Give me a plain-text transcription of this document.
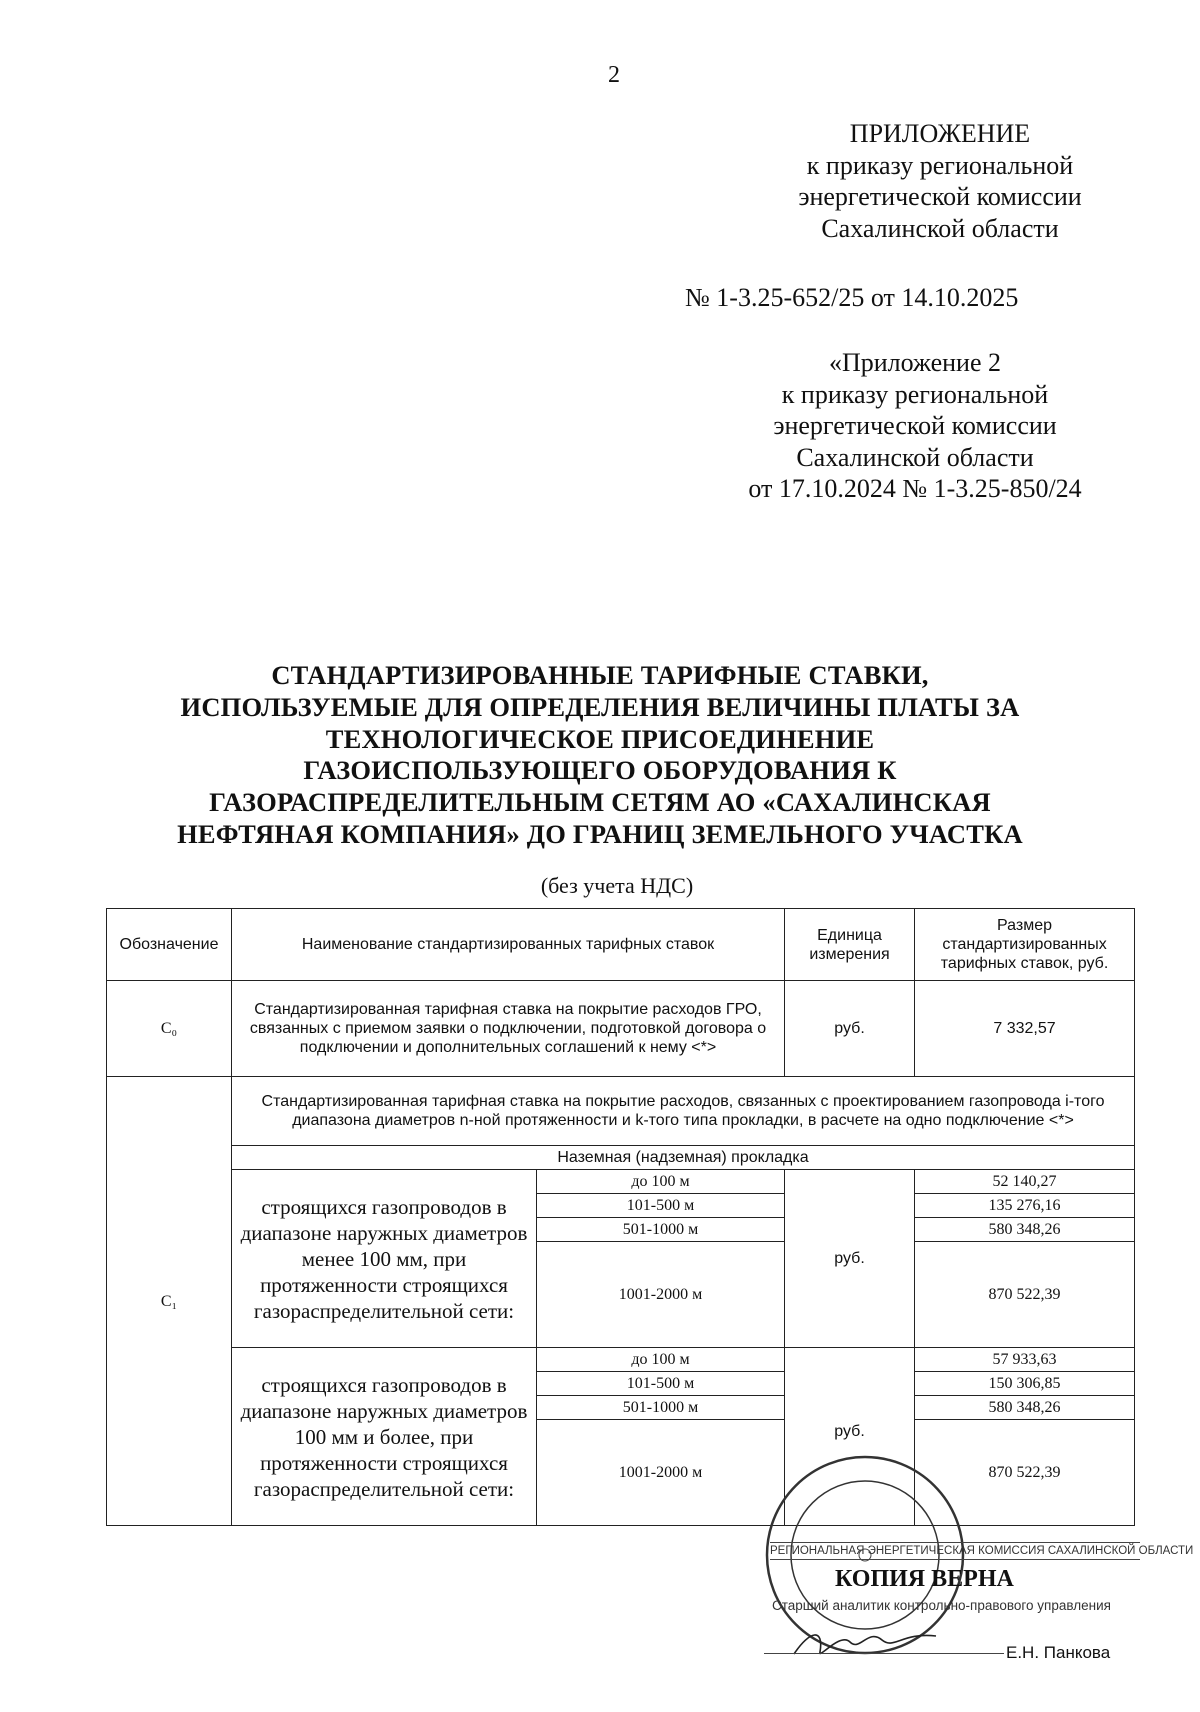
2
ПРИЛОЖЕНИЕ
к приказу региональной
энергетической комиссии
Сахалинской области
№ 1-3.25-652/25 от 14.10.2025
«Приложение 2
к приказу региональной
энергетической комиссии
Сахалинской области
от 17.10.2024 № 1-3.25-850/24
СТАНДАРТИЗИРОВАННЫЕ ТАРИФНЫЕ СТАВКИ,
ИСПОЛЬЗУЕМЫЕ ДЛЯ ОПРЕДЕЛЕНИЯ ВЕЛИЧИНЫ ПЛАТЫ ЗА
ТЕХНОЛОГИЧЕСКОЕ ПРИСОЕДИНЕНИЕ
ГАЗОИСПОЛЬЗУЮЩЕГО ОБОРУДОВАНИЯ К
ГАЗОРАСПРЕДЕЛИТЕЛЬНЫМ СЕТЯМ АО «САХАЛИНСКАЯ
НЕФТЯНАЯ КОМПАНИЯ» ДО ГРАНИЦ ЗЕМЕЛЬНОГО УЧАСТКА
(без учета НДС)
Обозначение	Наименование стандартизированных тарифных ставок		Единица измерения	Размер стандартизированных тарифных ставок, руб.
C₀	Стандартизированная тарифная ставка на покрытие расходов ГРО, связанных с приемом заявки о подключении, подготовкой договора о подключении и дополнительных соглашений к нему <*>		руб.	7 332,57
C₁	Стандартизированная тарифная ставка на покрытие расходов, связанных с проектированием газопровода i-того диапазона диаметров n-ной протяженности и k-того типа прокладки, в расчете на одно подключение <*>			
	Наземная (надземная) прокладка			
	строящихся газопроводов в диапазоне наружных диаметров менее 100 мм, при протяженности строящихся газораспределительной сети:	до 100 м	руб.	52 140,27
		101-500 м		135 276,16
		501-1000 м		580 348,26
		1001-2000 м		870 522,39
	строящихся газопроводов в диапазоне наружных диаметров 100 мм и более, при протяженности строящихся газораспределительной сети:	до 100 м	руб.	57 933,63
		101-500 м		150 306,85
		501-1000 м		580 348,26
		1001-2000 м		870 522,39
РЕГИОНАЛЬНАЯ ЭНЕРГЕТИЧЕСКАЯ КОМИССИЯ САХАЛИНСКОЙ ОБЛАСТИ
КОПИЯ ВЕРНА
Старший аналитик контрольно-правового управления
Е.Н. Панкова
